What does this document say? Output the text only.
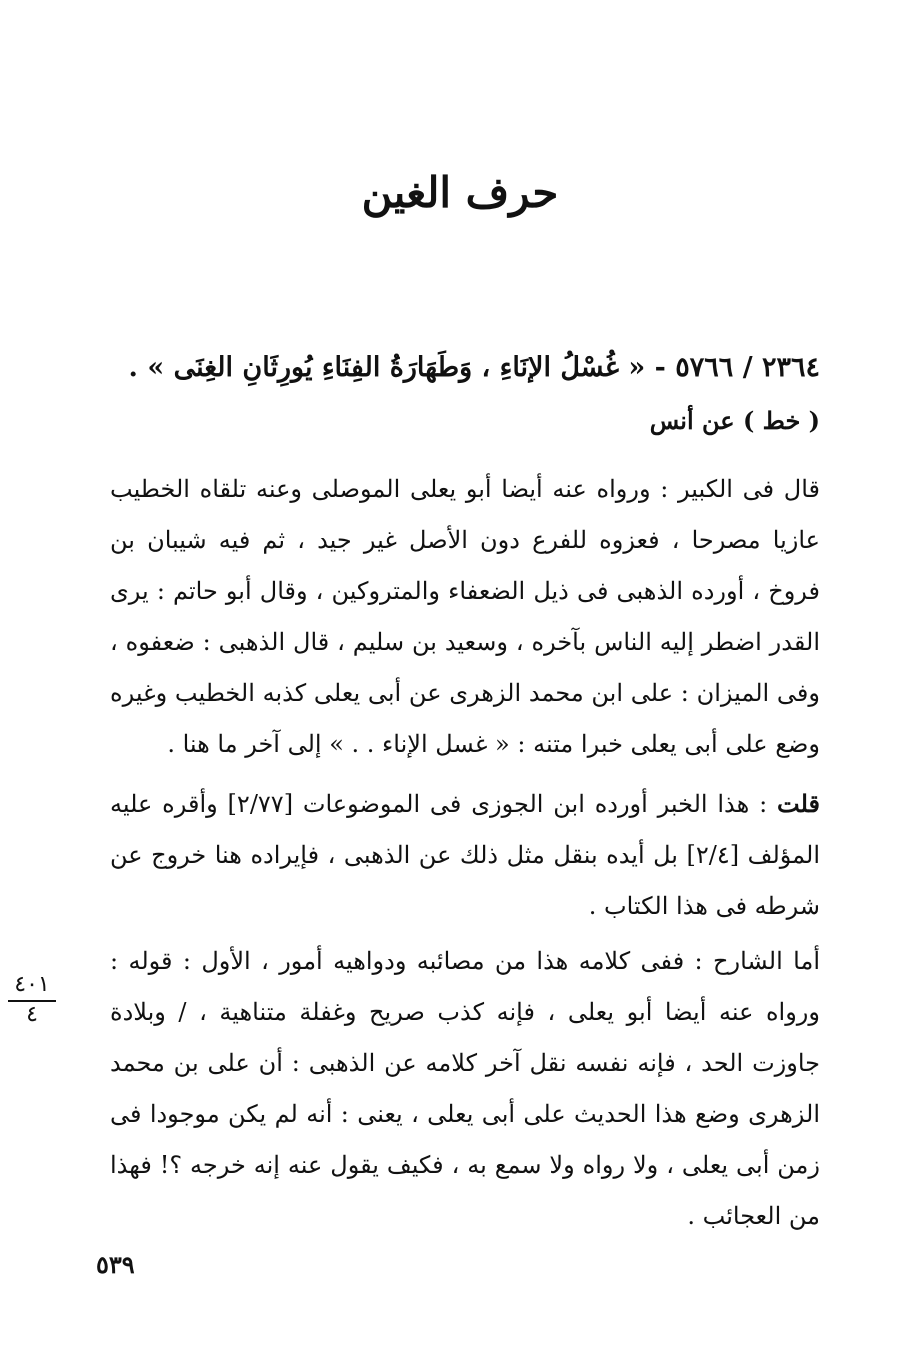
حرف الغين
٢٣٦٤ / ٥٧٦٦ - « غُسْلُ الإنَاءِ ، وَطَهَارَةُ الفِنَاءِ يُورِثَانِ الغِنَى » .
( خط ) عن أنس

قال فى الكبير : ورواه عنه أيضا أبو يعلى الموصلى وعنه تلقاه الخطيب عازيا مصرحا ، فعزوه للفرع دون الأصل غير جيد ، ثم فيه شيبان بن فروخ ، أورده الذهبى فى ذيل الضعفاء والمتروكين ، وقال أبو حاتم : يرى القدر اضطر إليه الناس بآخره ، وسعيد بن سليم ، قال الذهبى : ضعفوه ، وفى الميزان : على ابن محمد الزهرى عن أبى يعلى كذبه الخطيب وغيره وضع على أبى يعلى خبرا متنه : « غسل الإناء . . » إلى آخر ما هنا .

قلت : هذا الخبر أورده ابن الجوزى فى الموضوعات [٢/٧٧] وأقره عليه المؤلف [٢/٤] بل أيده بنقل مثل ذلك عن الذهبى ، فإيراده هنا خروج عن شرطه فى هذا الكتاب .

أما الشارح : ففى كلامه هذا من مصائبه ودواهيه أمور ، الأول : قوله : ورواه عنه أيضا أبو يعلى ، فإنه كذب صريح وغفلة متناهية ، / وبلادة جاوزت الحد ، فإنه نفسه نقل آخر كلامه عن الذهبى : أن على بن محمد الزهرى وضع هذا الحديث على أبى يعلى ، يعنى : أنه لم يكن موجودا فى زمن أبى يعلى ، ولا رواه ولا سمع به ، فكيف يقول عنه إنه خرجه ؟! فهذا من العجائب .

٤٠١
٤
٥٣٩
